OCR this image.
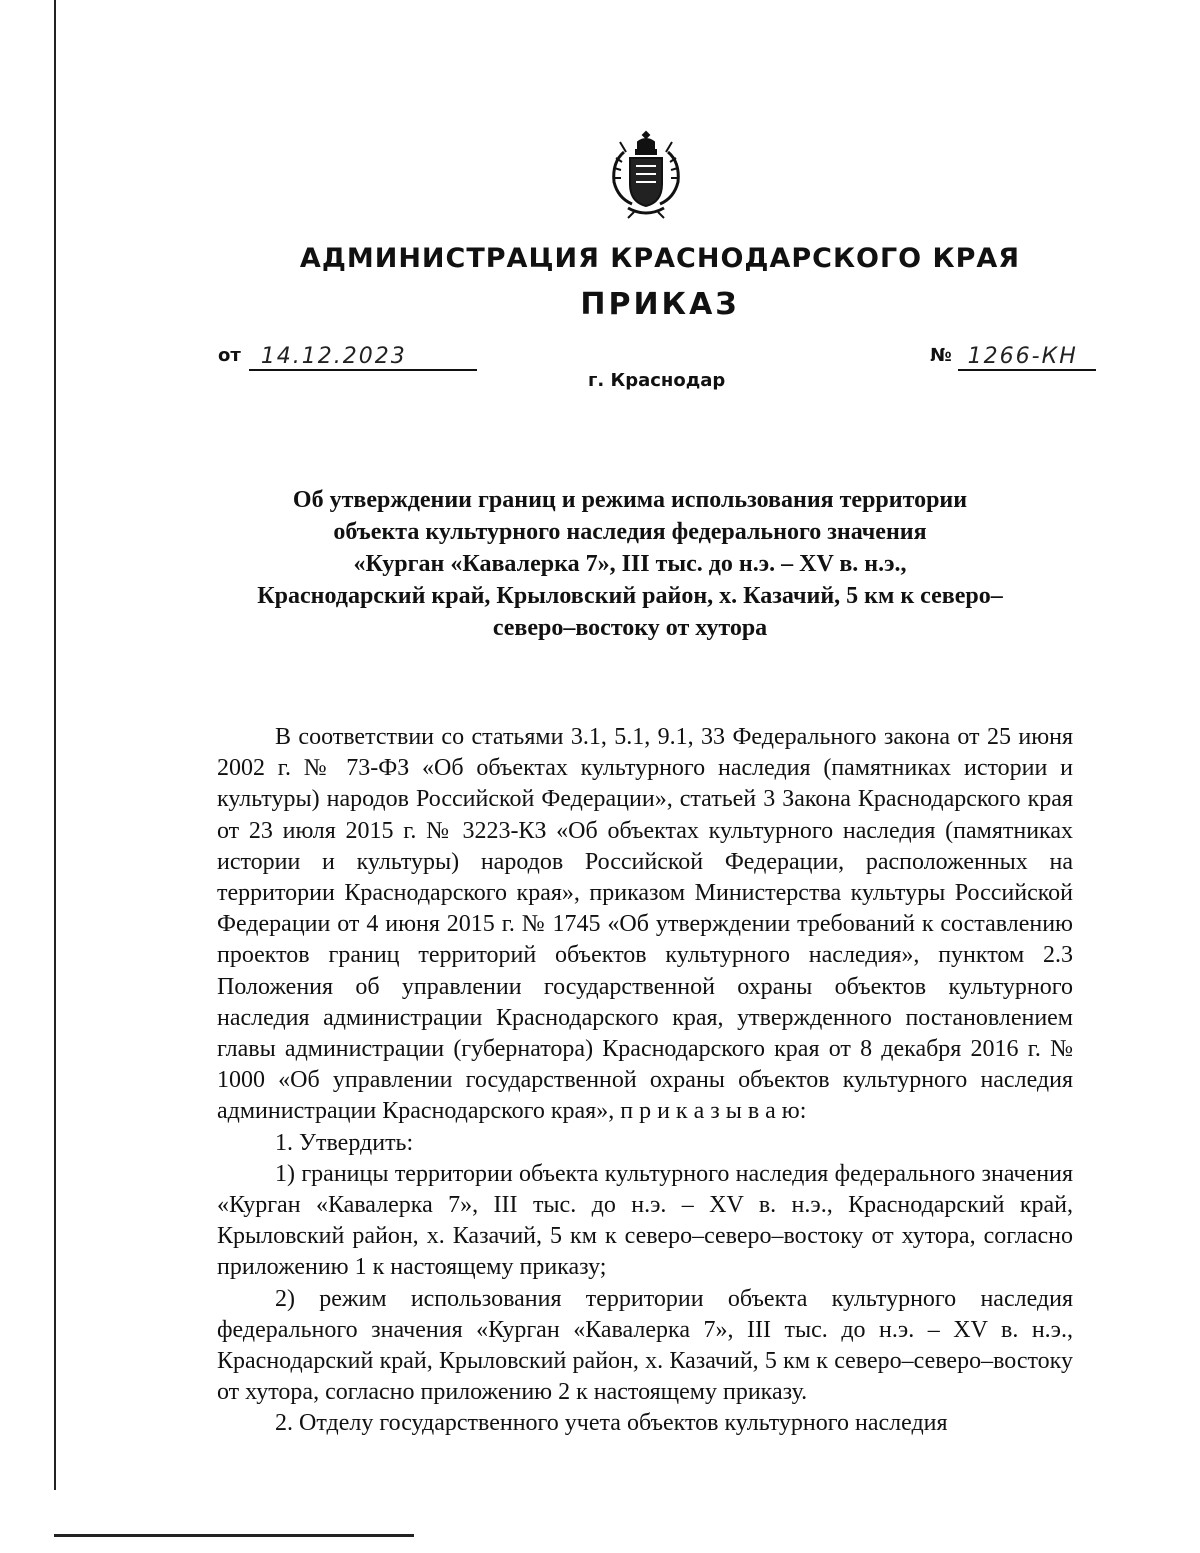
АДМИНИСТРАЦИЯ КРАСНОДАРСКОГО КРАЯ
ПРИКАЗ
от 14.12.2023	№ 1266-КН
г. Краснодар
Об утверждении границ и режима использования территории
объекта культурного наследия федерального значения
«Курган «Кавалерка 7», III тыс. до н.э. – XV в. н.э.,
Краснодарский край, Крыловский район, х. Казачий, 5 км к северо–
северо–востоку от хутора

В соответствии со статьями 3.1, 5.1, 9.1, 33 Федерального закона от 25 июня 2002 г. № 73-ФЗ «Об объектах культурного наследия (памятниках истории и культуры) народов Российской Федерации», статьей 3 Закона Краснодарского края от 23 июля 2015 г. № 3223-КЗ «Об объектах культурного наследия (памятниках истории и культуры) народов Российской Федерации, расположенных на территории Краснодарского края», приказом Министерства культуры Российской Федерации от 4 июня 2015 г. № 1745 «Об утверждении требований к составлению проектов границ территорий объектов культурного наследия», пунктом 2.3 Положения об управлении государственной охраны объектов культурного наследия администрации Краснодарского края, утвержденного постановлением главы администрации (губернатора) Краснодарского края от 8 декабря 2016 г. № 1000 «Об управлении государственной охраны объектов культурного наследия администрации Краснодарского края», п р и к а з ы в а ю:

1. Утвердить:

1) границы территории объекта культурного наследия федерального значения «Курган «Кавалерка 7», III тыс. до н.э. – XV в. н.э., Краснодарский край, Крыловский район, х. Казачий, 5 км к северо–северо–востоку от хутора, согласно приложению 1 к настоящему приказу;

2) режим использования территории объекта культурного наследия федерального значения «Курган «Кавалерка 7», III тыс. до н.э. – XV в. н.э., Краснодарский край, Крыловский район, х. Казачий, 5 км к северо–северо–востоку от хутора, согласно приложению 2 к настоящему приказу.

2. Отделу государственного учета объектов культурного наследия
